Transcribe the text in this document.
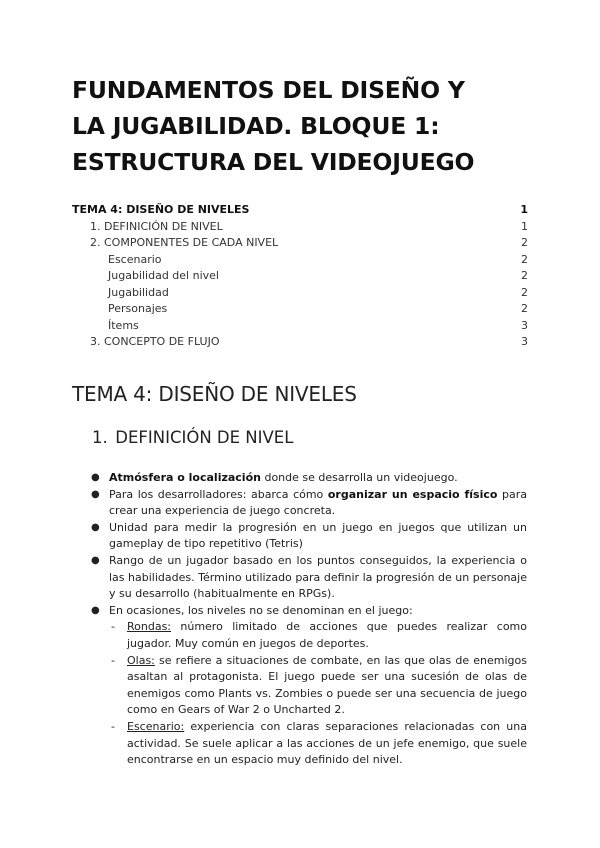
FUNDAMENTOS DEL DISEÑO Y
LA JUGABILIDAD. BLOQUE 1:
ESTRUCTURA DEL VIDEOJUEGO
TEMA 4: DISEÑO DE NIVELES	1
1. DEFINICIÓN DE NIVEL	1
2. COMPONENTES DE CADA NIVEL	2
Escenario	2
Jugabilidad del nivel	2
Jugabilidad	2
Personajes	2
Ítems	3
3. CONCEPTO DE FLUJO	3
TEMA 4: DISEÑO DE NIVELES
1. DEFINICIÓN DE NIVEL
● Atmósfera o localización donde se desarrolla un videojuego.
● Para los desarrolladores: abarca cómo organizar un espacio físico para crear una experiencia de juego concreta.
● Unidad para medir la progresión en un juego en juegos que utilizan un gameplay de tipo repetitivo (Tetris)
● Rango de un jugador basado en los puntos conseguidos, la experiencia o las habilidades. Término utilizado para definir la progresión de un personaje y su desarrollo (habitualmente en RPGs).
● En ocasiones, los niveles no se denominan en el juego:
- Rondas: número limitado de acciones que puedes realizar como jugador. Muy común en juegos de deportes.
- Olas: se refiere a situaciones de combate, en las que olas de enemigos asaltan al protagonista. El juego puede ser una sucesión de olas de enemigos como Plants vs. Zombies o puede ser una secuencia de juego como en Gears of War 2 o Uncharted 2.
- Escenario: experiencia con claras separaciones relacionadas con una actividad. Se suele aplicar a las acciones de un jefe enemigo, que suele encontrarse en un espacio muy definido del nivel.
